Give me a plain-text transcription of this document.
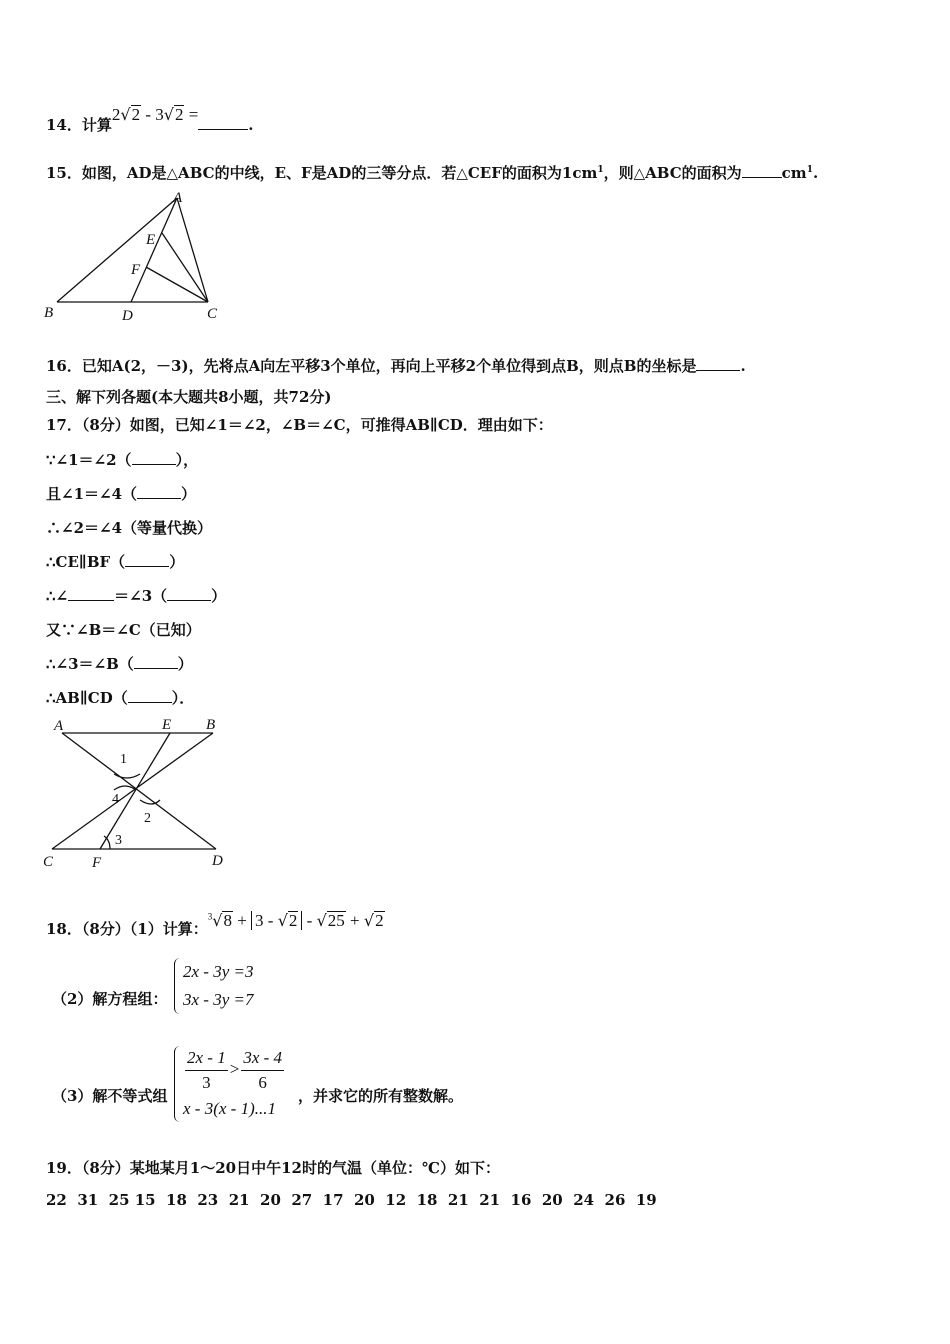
14．计算2√2 - 3√2 =.
15．如图，AD是△ABC的中线，E、F是AD的三等分点．若△CEF的面积为$1cm^1$，则△ABC的面积为	$cm^1$.
A
E
F
B	D	C
16．已知A(2，－3)，先将点A向左平移3个单位，再向上平移2个单位得到点B，则点B的坐标是	.
三、解下列各题(本大题共8小题，共72分)
17．（8分）如图，已知∠1＝∠2，∠B＝∠C，可推得AB∥CD．理由如下：
∵∠1＝∠2（	），
且∠1＝∠4（	）
∴∠2＝∠4（等量代换）
∴CE∥BF（	）
∴∠	＝∠3（	）
又∵∠B＝∠C（已知）
∴∠3＝∠B（	）
∴AB∥CD（	）．
A	E B
C	F	D
1
2
3
4
18．（8分）（1）计算：$^3$√8 + 3 - √2 - √25 + √2
（2）解方程组：
2x - 3y =3
3x - 3y =7
（3）解不等式组
$\frac{2x - 1}{3} > \frac{3x - 4}{6}$
x - 3(x - 1)...1
，并求它的所有整数解。
19．（8分）某地某月1～20日中午12时的气温（单位：℃）如下：
22  31  25 15  18  23  21  20  27  17  20  12  18  21  21  16  20  24  26  19
